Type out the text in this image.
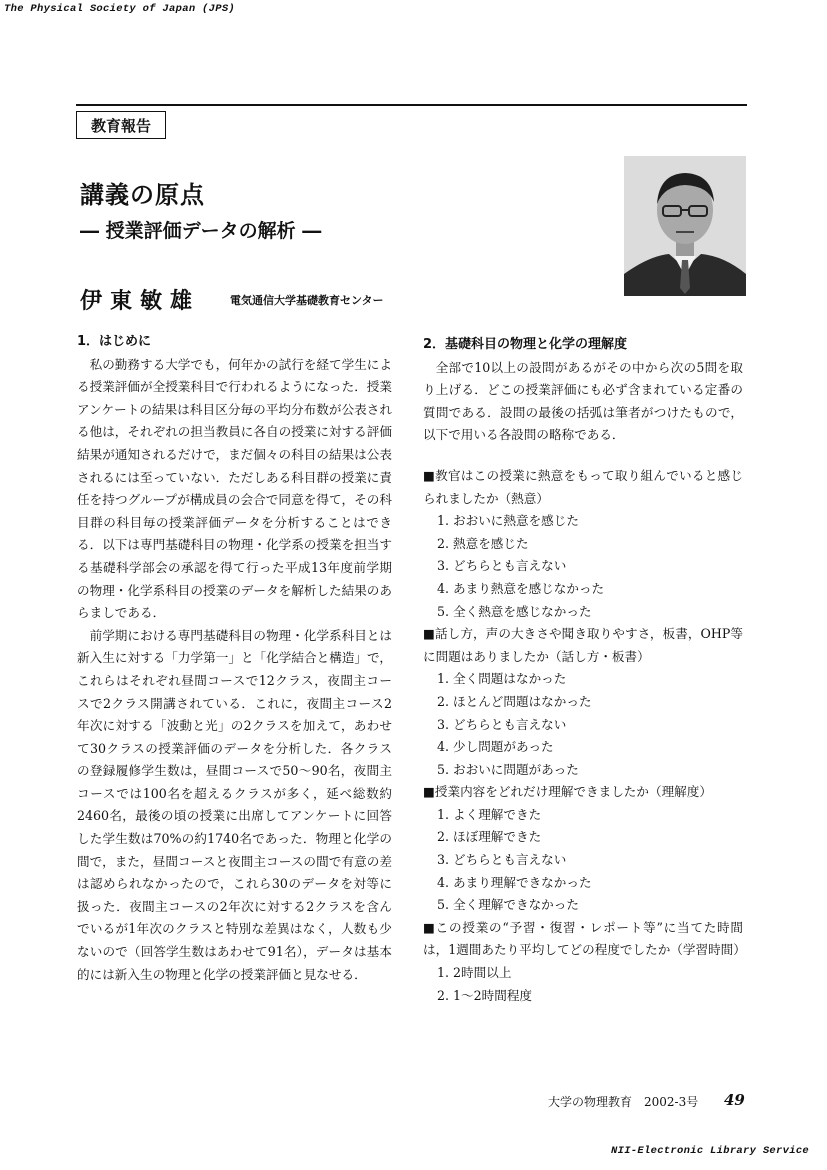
The Physical Society of Japan (JPS)
教育報告
講義の原点
― 授業評価データの解析 ―
伊東敏雄	電気通信大学基礎教育センター

1．はじめに

私の勤務する大学でも，何年かの試行を経て学生による授業評価が全授業科目で行われるようになった．授業アンケートの結果は科目区分毎の平均分布数が公表される他は，それぞれの担当教員に各自の授業に対する評価結果が通知されるだけで，まだ個々の科目の結果は公表されるには至っていない．ただしある科目群の授業に責任を持つグループが構成員の会合で同意を得て，その科目群の科目毎の授業評価データを分析することはできる．以下は専門基礎科目の物理・化学系の授業を担当する基礎科学部会の承認を得て行った平成13年度前学期の物理・化学系科目の授業のデータを解析した結果のあらましである．

前学期における専門基礎科目の物理・化学系科目とは新入生に対する「力学第一」と「化学結合と構造」で，これらはそれぞれ昼間コースで12クラス，夜間主コースで2クラス開講されている．これに，夜間主コース2年次に対する「波動と光」の2クラスを加えて，あわせて30クラスの授業評価のデータを分析した．各クラスの登録履修学生数は，昼間コースで50～90名，夜間主コースでは100名を超えるクラスが多く，延べ総数約2460名，最後の頃の授業に出席してアンケートに回答した学生数は70%の約1740名であった．物理と化学の間で，また，昼間コースと夜間主コースの間で有意の差は認められなかったので，これら30のデータを対等に扱った．夜間主コースの2年次に対する2クラスを含んでいるが1年次のクラスと特別な差異はなく，人数も少ないので（回答学生数はあわせて91名），データは基本的には新入生の物理と化学の授業評価と見なせる．

2．基礎科目の物理と化学の理解度

全部で10以上の設問があるがその中から次の5問を取り上げる．どこの授業評価にも必ず含まれている定番の質問である．設問の最後の括弧は筆者がつけたもので，以下で用いる各設問の略称である．

■教官はこの授業に熱意をもって取り組んでいると感じられましたか（熱意）

1. おおいに熱意を感じた
2. 熱意を感じた
3. どちらとも言えない
4. あまり熱意を感じなかった
5. 全く熱意を感じなかった

■話し方，声の大きさや聞き取りやすさ，板書，OHP等に問題はありましたか（話し方・板書）

1. 全く問題はなかった
2. ほとんど問題はなかった
3. どちらとも言えない
4. 少し問題があった
5. おおいに問題があった

■授業内容をどれだけ理解できましたか（理解度）

1. よく理解できた
2. ほぼ理解できた
3. どちらとも言えない
4. あまり理解できなかった
5. 全く理解できなかった

■この授業の“予習・復習・レポート等”に当てた時間は，1週間あたり平均してどの程度でしたか（学習時間）

1. 2時間以上
2. 1～2時間程度
大学の物理教育　2002-3号 49
NII-Electronic Library Service
